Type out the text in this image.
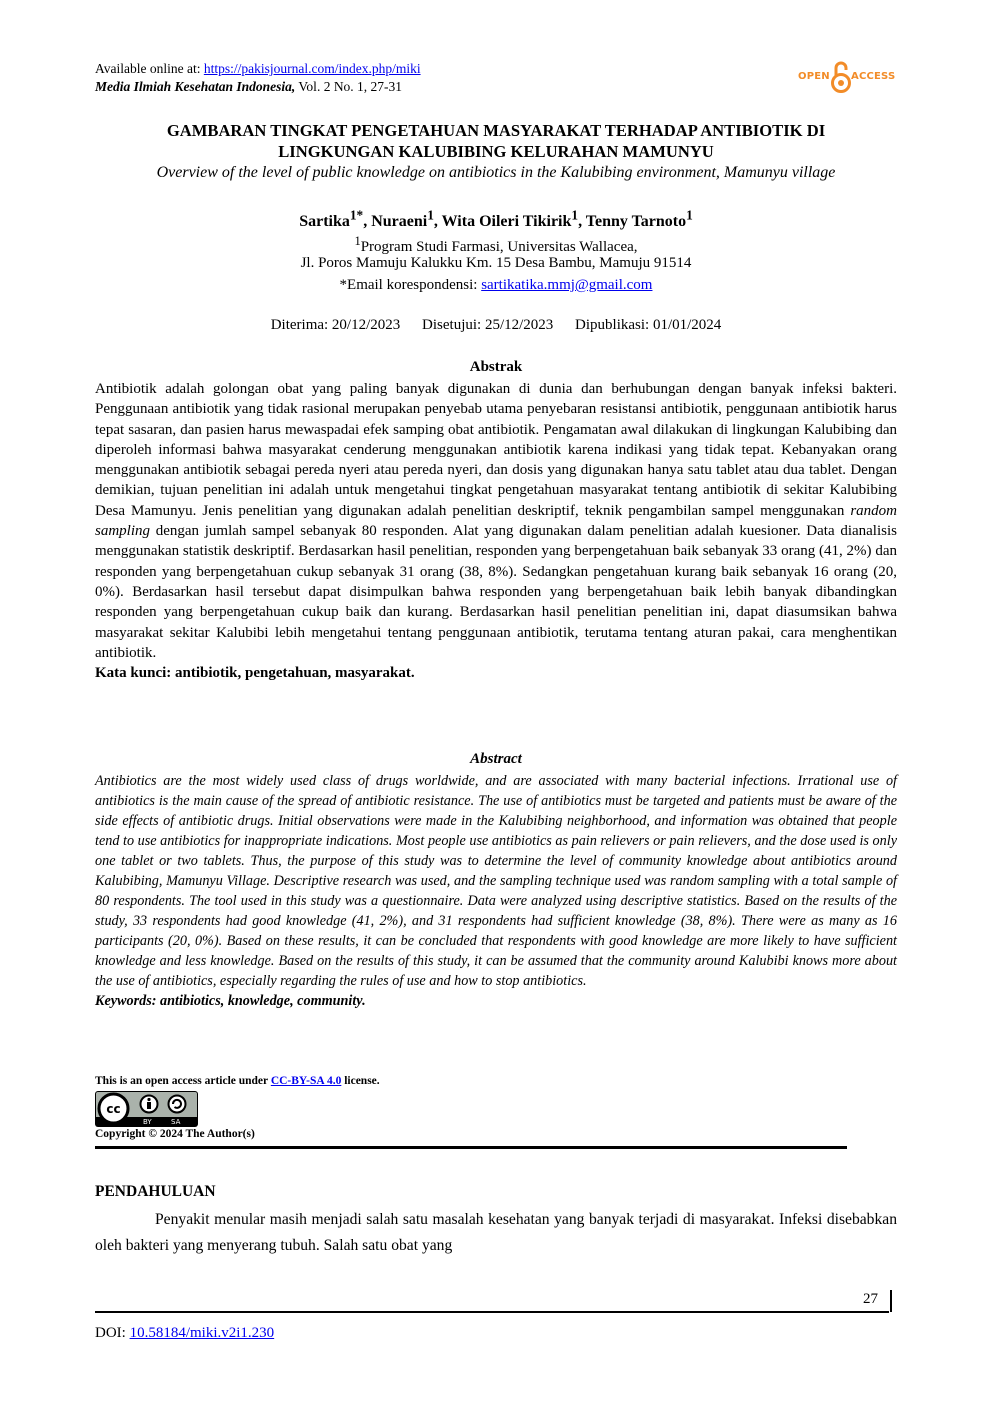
Available online at: https://pakisjournal.com/index.php/miki
Media Ilmiah Kesehatan Indonesia, Vol. 2 No. 1, 27-31
OPEN ACCESS
GAMBARAN TINGKAT PENGETAHUAN MASYARAKAT TERHADAP ANTIBIOTIK DI
LINGKUNGAN KALUBIBING KELURAHAN MAMUNYU
Overview of the level of public knowledge on antibiotics in the Kalubibing environment, Mamunyu village
Sartika$^{1*}$, Nuraeni$^1$, Wita Oileri Tikirik$^1$, Tenny Tarnoto$^1$
$^1$Program Studi Farmasi, Universitas Wallacea,
Jl. Poros Mamuju Kalukku Km. 15 Desa Bambu, Mamuju 91514
*Email korespondensi: sartikatika.mmj@gmail.com
Diterima: 20/12/2023 Disetujui: 25/12/2023 Dipublikasi: 01/01/2024
Abstrak
Antibiotik adalah golongan obat yang paling banyak digunakan di dunia dan berhubungan dengan banyak infeksi bakteri. Penggunaan antibiotik yang tidak rasional merupakan penyebab utama penyebaran resistansi antibiotik, penggunaan antibiotik harus tepat sasaran, dan pasien harus mewaspadai efek samping obat antibiotik. Pengamatan awal dilakukan di lingkungan Kalubibing dan diperoleh informasi bahwa masyarakat cenderung menggunakan antibiotik karena indikasi yang tidak tepat. Kebanyakan orang menggunakan antibiotik sebagai pereda nyeri atau pereda nyeri, dan dosis yang digunakan hanya satu tablet atau dua tablet. Dengan demikian, tujuan penelitian ini adalah untuk mengetahui tingkat pengetahuan masyarakat tentang antibiotik di sekitar Kalubibing Desa Mamunyu. Jenis penelitian yang digunakan adalah penelitian deskriptif, teknik pengambilan sampel menggunakan random sampling dengan jumlah sampel sebanyak 80 responden. Alat yang digunakan dalam penelitian adalah kuesioner. Data dianalisis menggunakan statistik deskriptif. Berdasarkan hasil penelitian, responden yang berpengetahuan baik sebanyak 33 orang (41, 2%) dan responden yang berpengetahuan cukup sebanyak 31 orang (38, 8%). Sedangkan pengetahuan kurang baik sebanyak 16 orang (20, 0%). Berdasarkan hasil tersebut dapat disimpulkan bahwa responden yang berpengetahuan baik lebih banyak dibandingkan responden yang berpengetahuan cukup baik dan kurang. Berdasarkan hasil penelitian penelitian ini, dapat diasumsikan bahwa masyarakat sekitar Kalubibi lebih mengetahui tentang penggunaan antibiotik, terutama tentang aturan pakai, cara menghentikan antibiotik.
Kata kunci: antibiotik, pengetahuan, masyarakat.
Abstract
Antibiotics are the most widely used class of drugs worldwide, and are associated with many bacterial infections. Irrational use of antibiotics is the main cause of the spread of antibiotic resistance. The use of antibiotics must be targeted and patients must be aware of the side effects of antibiotic drugs. Initial observations were made in the Kalubibing neighborhood, and information was obtained that people tend to use antibiotics for inappropriate indications. Most people use antibiotics as pain relievers or pain relievers, and the dose used is only one tablet or two tablets. Thus, the purpose of this study was to determine the level of community knowledge about antibiotics around Kalubibing, Mamunyu Village. Descriptive research was used, and the sampling technique used was random sampling with a total sample of 80 respondents. The tool used in this study was a questionnaire. Data were analyzed using descriptive statistics. Based on the results of the study, 33 respondents had good knowledge (41, 2%), and 31 respondents had sufficient knowledge (38, 8%). There were as many as 16 participants (20, 0%). Based on these results, it can be concluded that respondents with good knowledge are more likely to have sufficient knowledge and less knowledge. Based on the results of this study, it can be assumed that the community around Kalubibi knows more about the use of antibiotics, especially regarding the rules of use and how to stop antibiotics.
Keywords: antibiotics, knowledge, community.
This is an open access article under CC-BY-SA 4.0 license.
cc
BY	SA
Copyright © 2024 The Author(s)
PENDAHULUAN
Penyakit menular masih menjadi salah satu masalah kesehatan yang banyak terjadi di masyarakat. Infeksi disebabkan oleh bakteri yang menyerang tubuh. Salah satu obat yang
27
DOI: 10.58184/miki.v2i1.230
